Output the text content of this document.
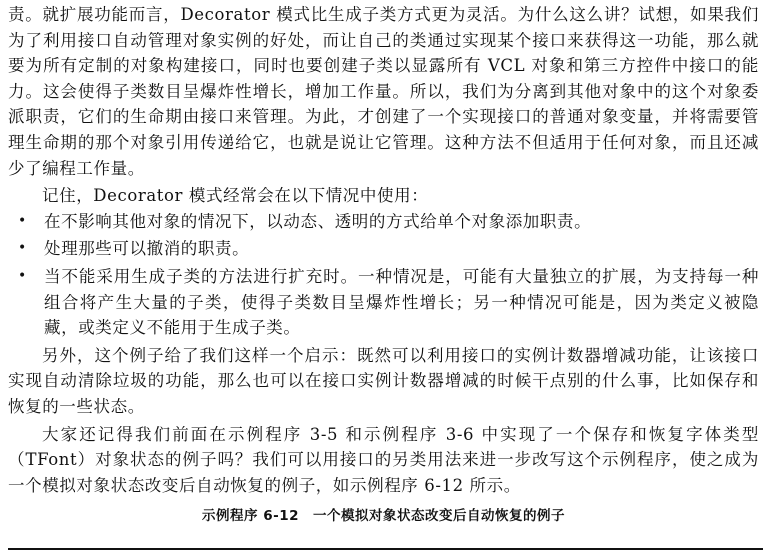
责。就扩展功能而言，Decorator 模式比生成子类方式更为灵活。为什么这么讲？试想，如果我们为了利用接口自动管理对象实例的好处，而让自己的类通过实现某个接口来获得这一功能，那么就要为所有定制的对象构建接口，同时也要创建子类以显露所有 VCL 对象和第三方控件中接口的能力。这会使得子类数目呈爆炸性增长，增加工作量。所以，我们为分离到其他对象中的这个对象委派职责，它们的生命期由接口来管理。为此，才创建了一个实现接口的普通对象变量，并将需要管理生命期的那个对象引用传递给它，也就是说让它管理。这种方法不但适用于任何对象，而且还减少了编程工作量。

记住，Decorator 模式经常会在以下情况中使用：

• 在不影响其他对象的情况下，以动态、透明的方式给单个对象添加职责。
• 处理那些可以撤消的职责。
• 当不能采用生成子类的方法进行扩充时。一种情况是，可能有大量独立的扩展，为支持每一种组合将产生大量的子类，使得子类数目呈爆炸性增长；另一种情况可能是，因为类定义被隐藏，或类定义不能用于生成子类。

另外，这个例子给了我们这样一个启示：既然可以利用接口的实例计数器增减功能，让该接口实现自动清除垃圾的功能，那么也可以在接口实例计数器增减的时候干点别的什么事，比如保存和恢复的一些状态。

大家还记得我们前面在示例程序 3-5 和示例程序 3-6 中实现了一个保存和恢复字体类型（TFont）对象状态的例子吗？我们可以用接口的另类用法来进一步改写这个示例程序，使之成为一个模拟对象状态改变后自动恢复的例子，如示例程序 6-12 所示。

示例程序 6-12　一个模拟对象状态改变后自动恢复的例子
